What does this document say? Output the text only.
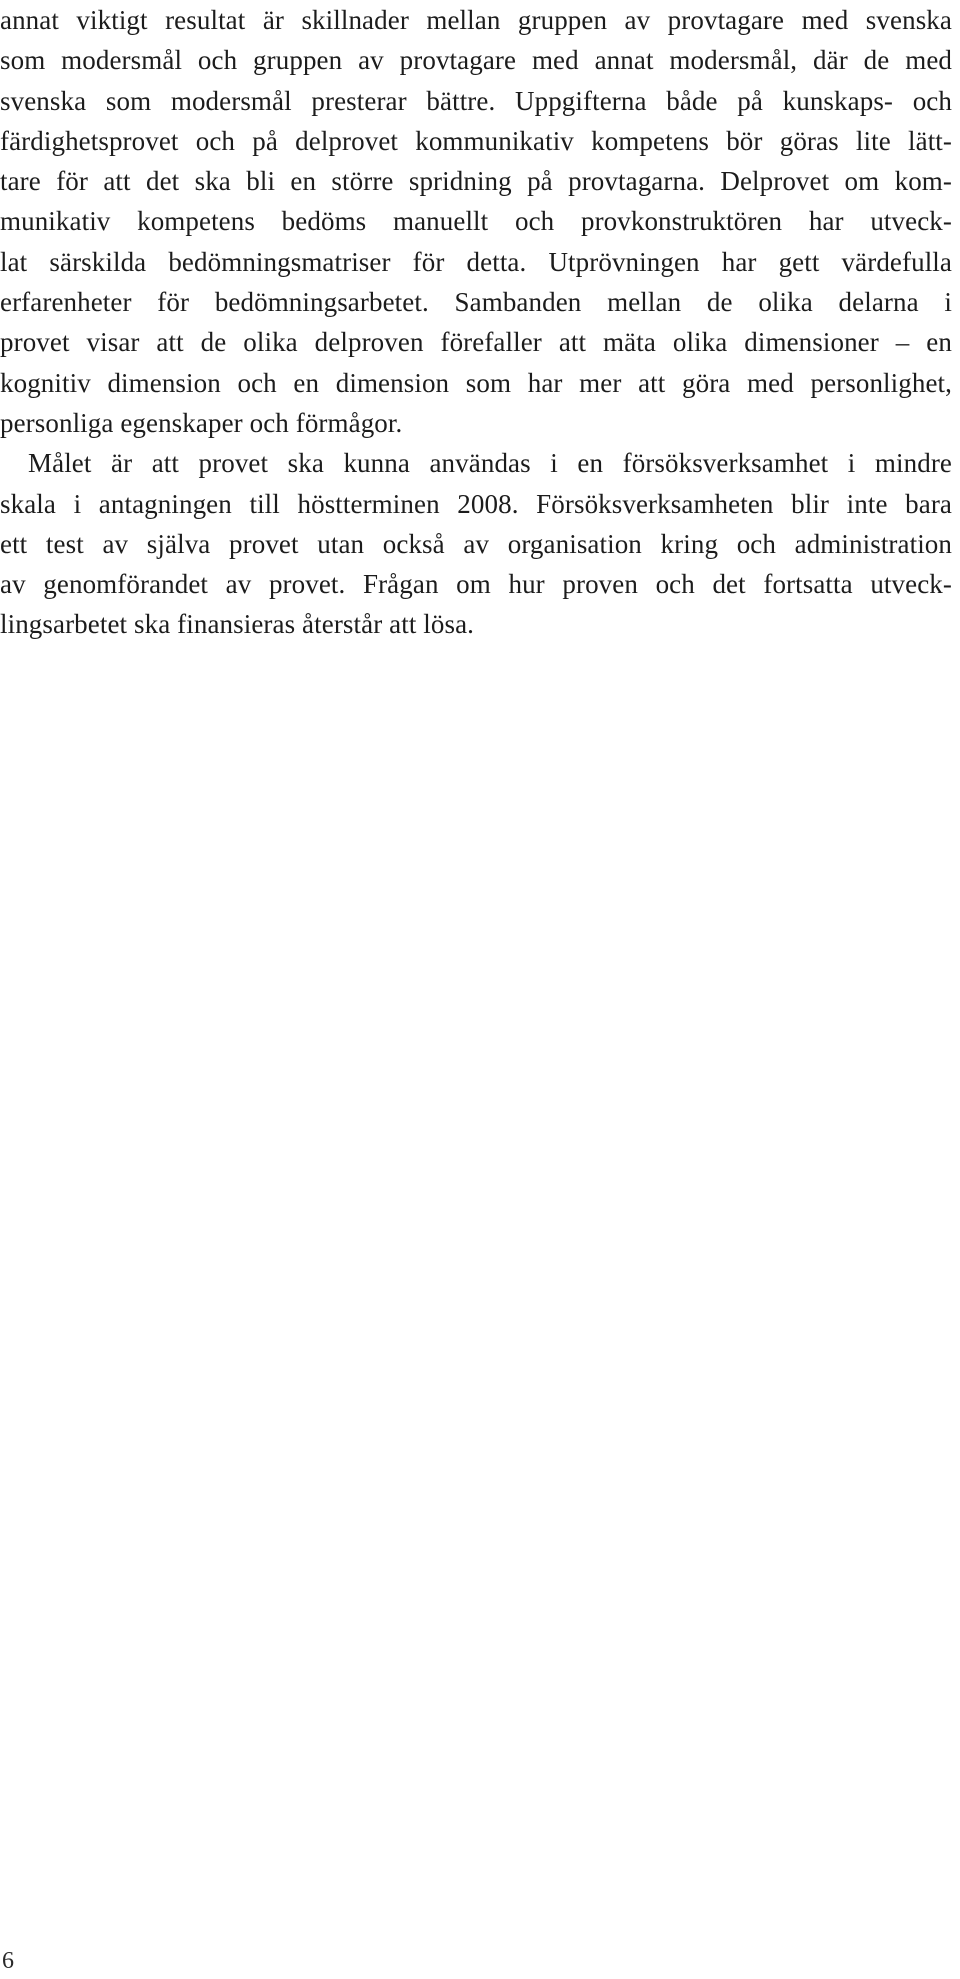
annat viktigt resultat är skillnader mellan gruppen av provtagare med svenska
som modersmål och gruppen av provtagare med annat modersmål, där de med
svenska som modersmål presterar bättre. Uppgifterna både på kunskaps- och
färdighetsprovet och på delprovet kommunikativ kompetens bör göras lite lätt-
tare för att det ska bli en större spridning på provtagarna. Delprovet om kom-
munikativ kompetens bedöms manuellt och provkonstruktören har utveck-
lat särskilda bedömningsmatriser för detta. Utprövningen har gett värdefulla
erfarenheter för bedömningsarbetet. Sambanden mellan de olika delarna i
provet visar att de olika delproven förefaller att mäta olika dimensioner – en
kognitiv dimension och en dimension som har mer att göra med personlighet,
personliga egenskaper och förmågor.
Målet är att provet ska kunna användas i en försöksverksamhet i mindre
skala i antagningen till höstterminen 2008. Försöksverksamheten blir inte bara
ett test av själva provet utan också av organisation kring och administration
av genomförandet av provet. Frågan om hur proven och det fortsatta utveck-
lingsarbetet ska finansieras återstår att lösa.
6
